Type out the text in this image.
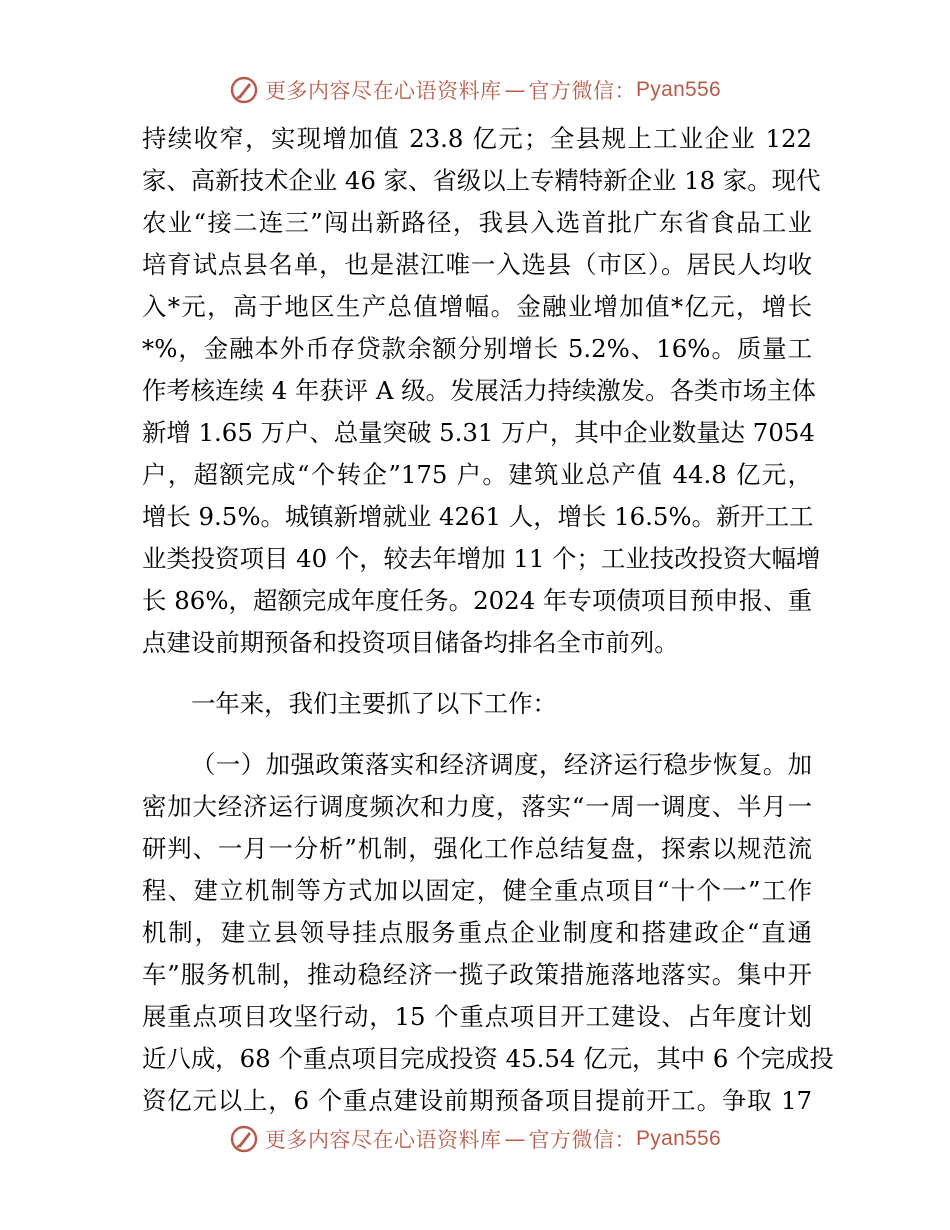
更多内容尽在心语资料库 — 官方微信： Pyan556
持续收窄，实现增加值 23.8 亿元；全县规上工业企业 122
家、高新技术企业 46 家、省级以上专精特新企业 18 家。现代
农业“接二连三”闯出新路径，我县入选首批广东省食品工业
培育试点县名单，也是湛江唯一入选县（市区）。居民人均收
入*元，高于地区生产总值增幅。金融业增加值*亿元，增长
*%，金融本外币存贷款余额分别增长 5.2%、16%。质量工
作考核连续 4 年获评 A 级。发展活力持续激发。各类市场主体
新增 1.65 万户、总量突破 5.31 万户，其中企业数量达 7054
户，超额完成“个转企”175 户。建筑业总产值 44.8 亿元，
增长 9.5%。城镇新增就业 4261 人，增长 16.5%。新开工工
业类投资项目 40 个，较去年增加 11 个；工业技改投资大幅增
长 86%，超额完成年度任务。2024 年专项债项目预申报、重
点建设前期预备和投资项目储备均排名全市前列。
一年来，我们主要抓了以下工作：
（一）加强政策落实和经济调度，经济运行稳步恢复。加
密加大经济运行调度频次和力度，落实“一周一调度、半月一
研判、一月一分析”机制，强化工作总结复盘，探索以规范流
程、建立机制等方式加以固定，健全重点项目“十个一”工作
机制，建立县领导挂点服务重点企业制度和搭建政企“直通
车”服务机制，推动稳经济一揽子政策措施落地落实。集中开
展重点项目攻坚行动，15 个重点项目开工建设、占年度计划
近八成，68 个重点项目完成投资 45.54 亿元，其中 6 个完成投
资亿元以上，6 个重点建设前期预备项目提前开工。争取 17
更多内容尽在心语资料库 — 官方微信： Pyan556
